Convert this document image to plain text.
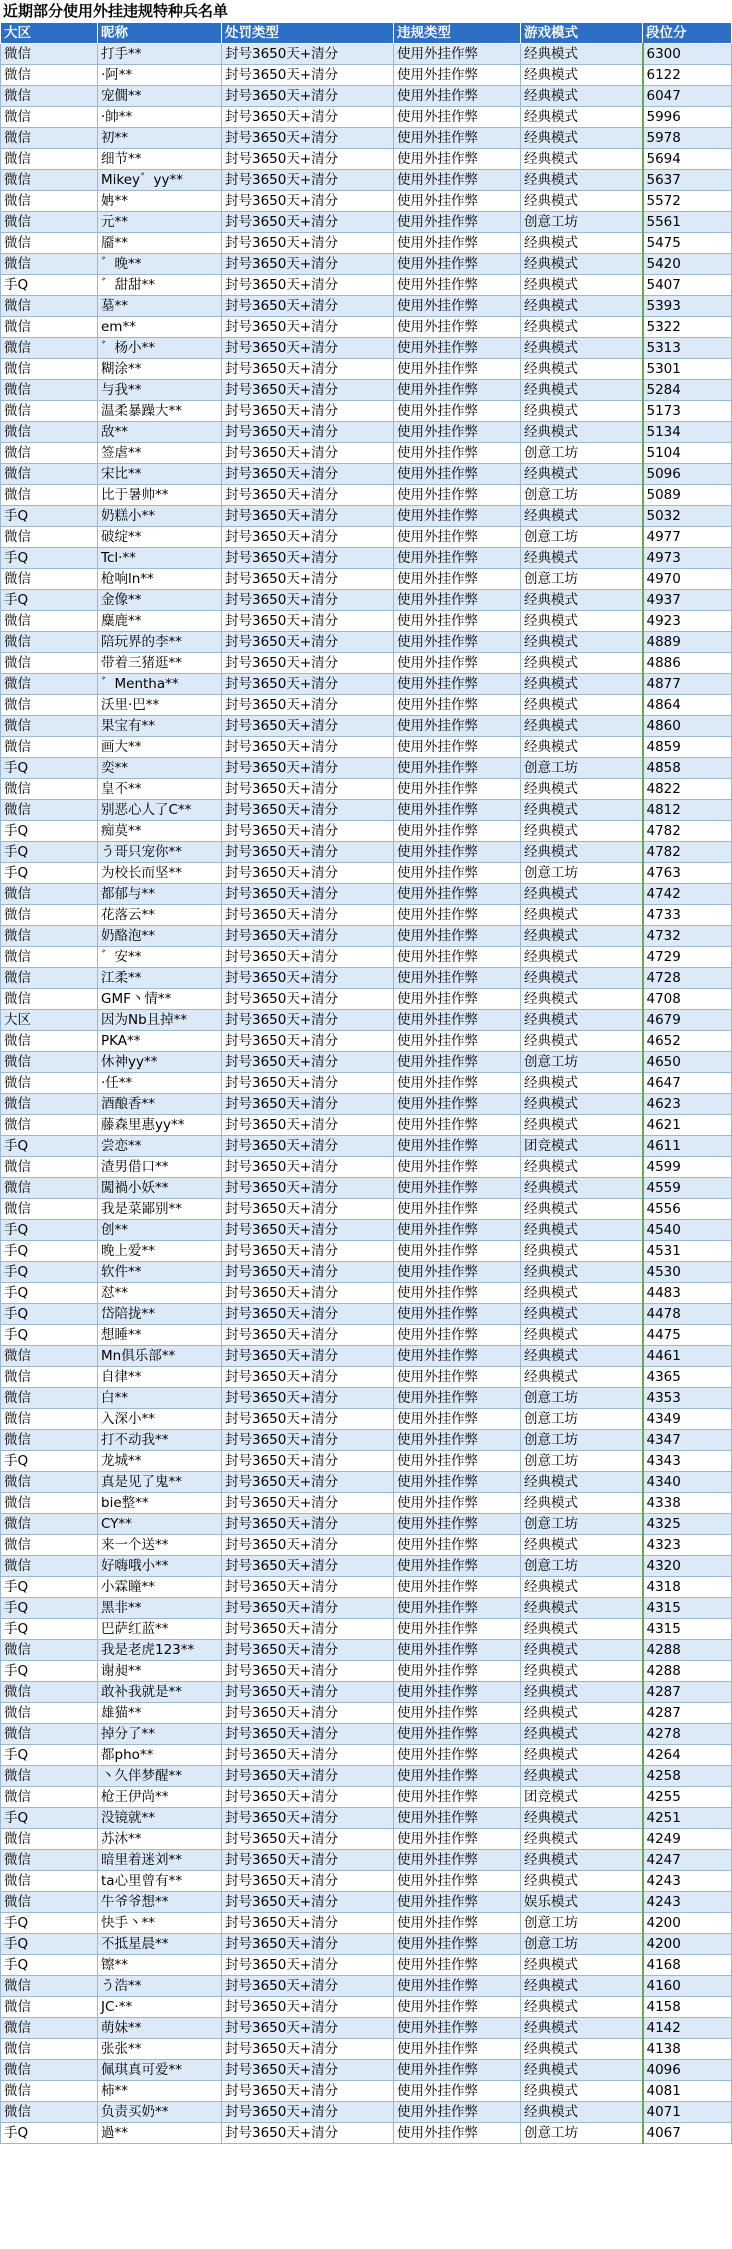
近期部分使用外挂违规特种兵名单
大区	昵称	处罚类型	违规类型	游戏模式	段位分
微信	打手**	封号3650天+清分	使用外挂作弊	经典模式	6300
微信	·阿**	封号3650天+清分	使用外挂作弊	经典模式	6122
微信	宠僩**	封号3650天+清分	使用外挂作弊	经典模式	6047
微信	·帥**	封号3650天+清分	使用外挂作弊	经典模式	5996
微信	初**	封号3650天+清分	使用外挂作弊	经典模式	5978
微信	细节**	封号3650天+清分	使用外挂作弊	经典模式	5694
微信	Mikey゛yy**	封号3650天+清分	使用外挂作弊	经典模式	5637
微信	姌**	封号3650天+清分	使用外挂作弊	经典模式	5572
微信	元**	封号3650天+清分	使用外挂作弊	创意工坊	5561
微信	靥**	封号3650天+清分	使用外挂作弊	经典模式	5475
微信	゛晚**	封号3650天+清分	使用外挂作弊	经典模式	5420
手Q	゛甜甜**	封号3650天+清分	使用外挂作弊	经典模式	5407
微信	墓**	封号3650天+清分	使用外挂作弊	经典模式	5393
微信	em**	封号3650天+清分	使用外挂作弊	经典模式	5322
微信	゛杨小**	封号3650天+清分	使用外挂作弊	经典模式	5313
微信	糊涂**	封号3650天+清分	使用外挂作弊	经典模式	5301
微信	与我**	封号3650天+清分	使用外挂作弊	经典模式	5284
微信	温柔暴躁大**	封号3650天+清分	使用外挂作弊	经典模式	5173
微信	敌**	封号3650天+清分	使用外挂作弊	经典模式	5134
微信	签虐**	封号3650天+清分	使用外挂作弊	创意工坊	5104
微信	宋比**	封号3650天+清分	使用外挂作弊	经典模式	5096
微信	比于暑帅**	封号3650天+清分	使用外挂作弊	创意工坊	5089
手Q	奶糕小**	封号3650天+清分	使用外挂作弊	经典模式	5032
微信	破绽**	封号3650天+清分	使用外挂作弊	创意工坊	4977
手Q	Tcl·**	封号3650天+清分	使用外挂作弊	经典模式	4973
微信	枪响ln**	封号3650天+清分	使用外挂作弊	创意工坊	4970
手Q	金像**	封号3650天+清分	使用外挂作弊	经典模式	4937
微信	麋鹿**	封号3650天+清分	使用外挂作弊	经典模式	4923
微信	陪玩界的李**	封号3650天+清分	使用外挂作弊	经典模式	4889
微信	带着三猪逛**	封号3650天+清分	使用外挂作弊	经典模式	4886
微信	゛Mentha**	封号3650天+清分	使用外挂作弊	经典模式	4877
微信	沃里·巴**	封号3650天+清分	使用外挂作弊	经典模式	4864
微信	果宝有**	封号3650天+清分	使用外挂作弊	经典模式	4860
微信	画大**	封号3650天+清分	使用外挂作弊	经典模式	4859
手Q	奕**	封号3650天+清分	使用外挂作弊	创意工坊	4858
微信	皇不**	封号3650天+清分	使用外挂作弊	经典模式	4822
微信	别恶心人了C**	封号3650天+清分	使用外挂作弊	经典模式	4812
手Q	痴莫**	封号3650天+清分	使用外挂作弊	经典模式	4782
手Q	う哥只宠你**	封号3650天+清分	使用外挂作弊	经典模式	4782
手Q	为校长而坚**	封号3650天+清分	使用外挂作弊	创意工坊	4763
微信	都郁与**	封号3650天+清分	使用外挂作弊	经典模式	4742
微信	花落云**	封号3650天+清分	使用外挂作弊	经典模式	4733
微信	奶酪泡**	封号3650天+清分	使用外挂作弊	经典模式	4732
微信	゛安**	封号3650天+清分	使用外挂作弊	经典模式	4729
微信	江柔**	封号3650天+清分	使用外挂作弊	经典模式	4728
微信	GMF丶情**	封号3650天+清分	使用外挂作弊	经典模式	4708
大区	因为Nb且掉**	封号3650天+清分	使用外挂作弊	经典模式	4679
微信	PKA**	封号3650天+清分	使用外挂作弊	经典模式	4652
微信	休神yy**	封号3650天+清分	使用外挂作弊	创意工坊	4650
微信	·任**	封号3650天+清分	使用外挂作弊	经典模式	4647
微信	酒酿香**	封号3650天+清分	使用外挂作弊	经典模式	4623
微信	藤森里惠yy**	封号3650天+清分	使用外挂作弊	经典模式	4621
手Q	尝恋**	封号3650天+清分	使用外挂作弊	团竞模式	4611
微信	渣男借口**	封号3650天+清分	使用外挂作弊	经典模式	4599
微信	闖禍小妖**	封号3650天+清分	使用外挂作弊	经典模式	4559
微信	我是菜鄙别**	封号3650天+清分	使用外挂作弊	经典模式	4556
手Q	创**	封号3650天+清分	使用外挂作弊	经典模式	4540
手Q	晚上爱**	封号3650天+清分	使用外挂作弊	经典模式	4531
手Q	软件**	封号3650天+清分	使用外挂作弊	经典模式	4530
手Q	怼**	封号3650天+清分	使用外挂作弊	经典模式	4483
手Q	岱陪拢**	封号3650天+清分	使用外挂作弊	经典模式	4478
手Q	想睡**	封号3650天+清分	使用外挂作弊	经典模式	4475
微信	Mn俱乐部**	封号3650天+清分	使用外挂作弊	经典模式	4461
微信	自律**	封号3650天+清分	使用外挂作弊	经典模式	4365
微信	白**	封号3650天+清分	使用外挂作弊	创意工坊	4353
微信	入深小**	封号3650天+清分	使用外挂作弊	创意工坊	4349
微信	打不动我**	封号3650天+清分	使用外挂作弊	创意工坊	4347
手Q	龙城**	封号3650天+清分	使用外挂作弊	创意工坊	4343
微信	真是见了鬼**	封号3650天+清分	使用外挂作弊	经典模式	4340
微信	bie整**	封号3650天+清分	使用外挂作弊	经典模式	4338
微信	CY**	封号3650天+清分	使用外挂作弊	创意工坊	4325
微信	来一个送**	封号3650天+清分	使用外挂作弊	经典模式	4323
微信	好嗨哦小**	封号3650天+清分	使用外挂作弊	创意工坊	4320
手Q	小霖瞳**	封号3650天+清分	使用外挂作弊	经典模式	4318
手Q	黑非**	封号3650天+清分	使用外挂作弊	经典模式	4315
手Q	巴萨红蓝**	封号3650天+清分	使用外挂作弊	经典模式	4315
微信	我是老虎123**	封号3650天+清分	使用外挂作弊	经典模式	4288
手Q	谢昶**	封号3650天+清分	使用外挂作弊	经典模式	4288
微信	敢补我就是**	封号3650天+清分	使用外挂作弊	经典模式	4287
微信	雄猫**	封号3650天+清分	使用外挂作弊	经典模式	4287
微信	掉分了**	封号3650天+清分	使用外挂作弊	经典模式	4278
手Q	都pho**	封号3650天+清分	使用外挂作弊	经典模式	4264
微信	丶久伴梦醒**	封号3650天+清分	使用外挂作弊	经典模式	4258
微信	枪王伊尚**	封号3650天+清分	使用外挂作弊	团竞模式	4255
手Q	没镜就**	封号3650天+清分	使用外挂作弊	经典模式	4251
微信	苏沐**	封号3650天+清分	使用外挂作弊	经典模式	4249
微信	暗里着迷刘**	封号3650天+清分	使用外挂作弊	经典模式	4247
微信	ta心里曾有**	封号3650天+清分	使用外挂作弊	经典模式	4243
微信	牛爷爷想**	封号3650天+清分	使用外挂作弊	娱乐模式	4243
手Q	快手丶**	封号3650天+清分	使用外挂作弊	创意工坊	4200
手Q	不抵星晨**	封号3650天+清分	使用外挂作弊	创意工坊	4200
手Q	镲**	封号3650天+清分	使用外挂作弊	经典模式	4168
微信	う浩**	封号3650天+清分	使用外挂作弊	经典模式	4160
微信	JC·**	封号3650天+清分	使用外挂作弊	经典模式	4158
微信	萌妹**	封号3650天+清分	使用外挂作弊	经典模式	4142
微信	张张**	封号3650天+清分	使用外挂作弊	经典模式	4138
微信	佩琪真可爱**	封号3650天+清分	使用外挂作弊	经典模式	4096
微信	柿**	封号3650天+清分	使用外挂作弊	经典模式	4081
微信	负责买奶**	封号3650天+清分	使用外挂作弊	经典模式	4071
手Q	過**	封号3650天+清分	使用外挂作弊	创意工坊	4067
